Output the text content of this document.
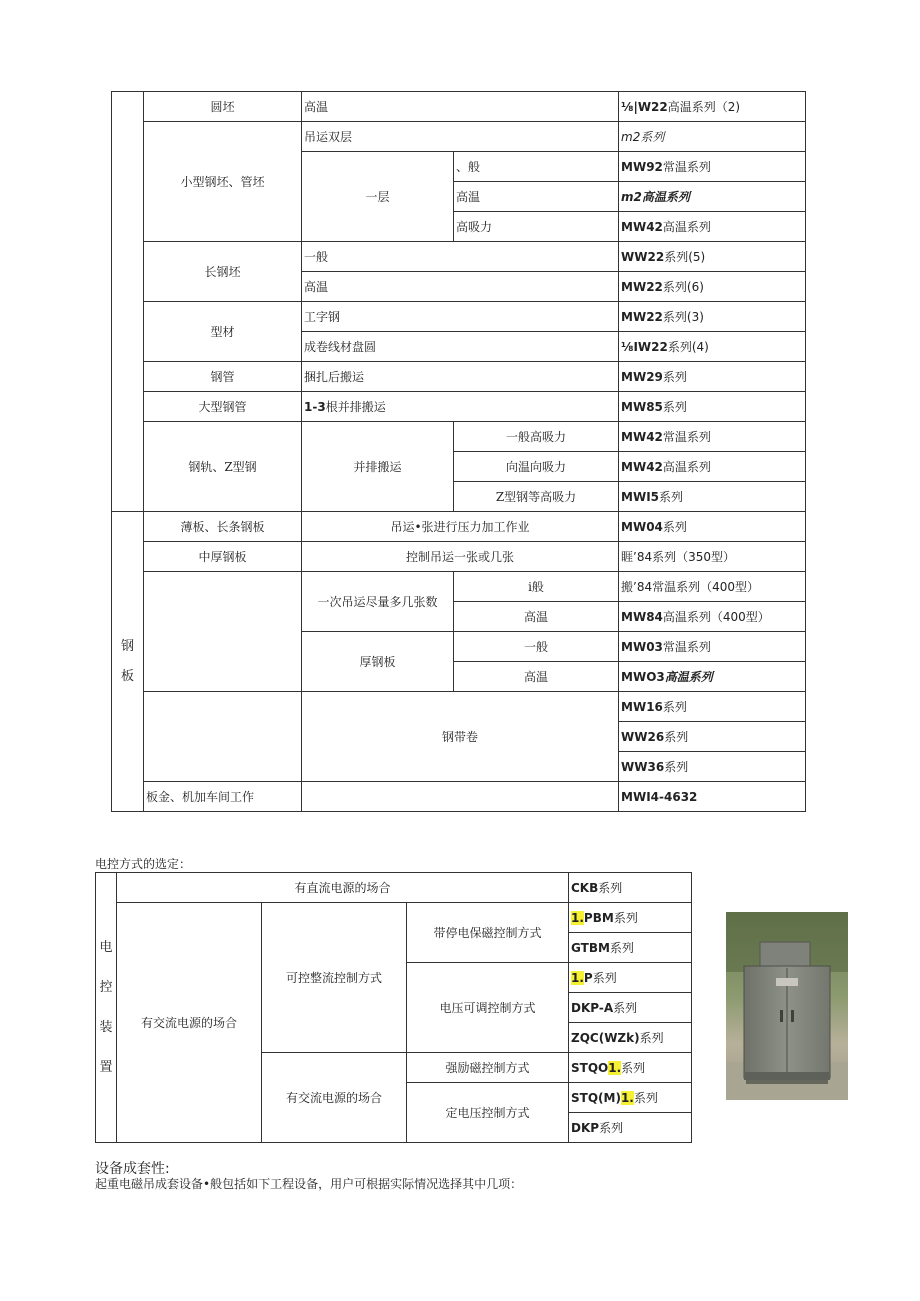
	圆坯	高温		⅛|W22高温系列（2)
	小型钢坯、管坯	吊运双层		m2系列
		一层	、般	MW92常温系列
			高温	m2高温系列
			高吸力	MW42高温系列
	长钢坯	一般		WW22系列(5)
		高温		MW22系列(6)
	型材	工字钢		MW22系列(3)
		成卷线材盘圆		⅛IW22系列(4)
	钢管	捆扎后搬运		MW29系列
	大型钢管	1-3根并排搬运		MW85系列
	钢轨、Z型钢	并排搬运	一般高吸力	MW42常温系列
			向温向吸力	MW42高温系列
			Z型钢等高吸力	MWI5系列
钢板	薄板、长条钢板	吊运•张进行压力加工作业		MW04系列
	中厚钢板	控制吊运一张或几张		睚’84系列（350型）
		一次吊运尽量多几张数	i般	搬’84常温系列（400型）
			高温	MW84高温系列（400型）
		厚钢板	一般	MW03常温系列
			高温	MWO3高温系列
		钢带卷		MW16系列
				WW26系列
				WW36系列
	板金、机加车间工作			MWI4-4632
电控方式的选定：
电
控
装
置	有直流电源的场合			CKB系列
	有交流电源的场合	可控整流控制方式	带停电保磁控制方式	1.PBM系列
				GTBM系列
			电压可调控制方式	1.P系列
				DKP-A系列
				ZQC(WZk)系列
		有交流电源的场合	强励磁控制方式	STQO1.系列
			定电压控制方式	STQ(M)1.系列
				DKP系列
设备成套性:
起重电磁吊成套设备•般包括如下工程设备，用户可根据实际情况选择其中几项：
